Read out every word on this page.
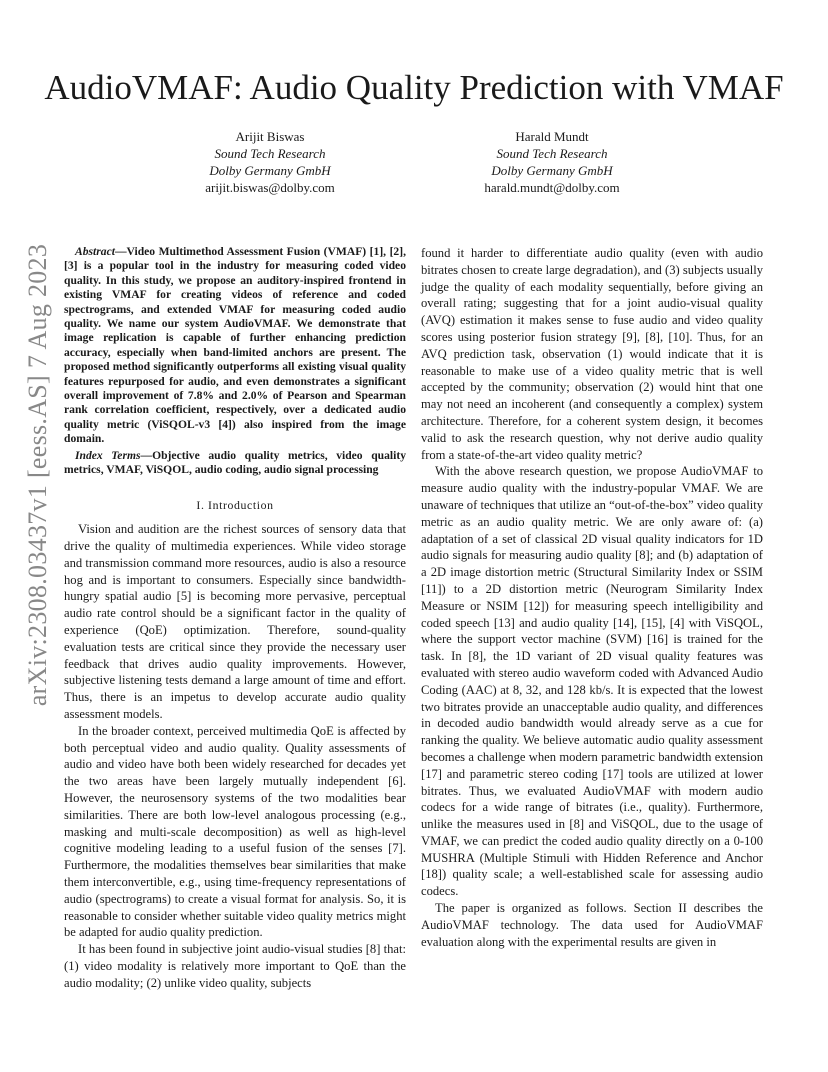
arXiv:2308.03437v1 [eess.AS] 7 Aug 2023
AudioVMAF: Audio Quality Prediction with VMAF
Arijit Biswas
Sound Tech Research
Dolby Germany GmbH
arijit.biswas@dolby.com
Harald Mundt
Sound Tech Research
Dolby Germany GmbH
harald.mundt@dolby.com

Abstract—Video Multimethod Assessment Fusion (VMAF) [1], [2], [3] is a popular tool in the industry for measuring coded video quality. In this study, we propose an auditory-inspired frontend in existing VMAF for creating videos of reference and coded spectrograms, and extended VMAF for measuring coded audio quality. We name our system AudioVMAF. We demonstrate that image replication is capable of further enhancing prediction accuracy, especially when band-limited anchors are present. The proposed method significantly outperforms all existing visual quality features repurposed for audio, and even demonstrates a significant overall improvement of 7.8% and 2.0% of Pearson and Spearman rank correlation coefficient, respectively, over a dedicated audio quality metric (ViSQOL-v3 [4]) also inspired from the image domain.

Index Terms—Objective audio quality metrics, video quality metrics, VMAF, ViSQOL, audio coding, audio signal processing

I. Introduction

Vision and audition are the richest sources of sensory data that drive the quality of multimedia experiences. While video storage and transmission command more resources, audio is also a resource hog and is important to consumers. Especially since bandwidth-hungry spatial audio [5] is becoming more pervasive, perceptual audio rate control should be a significant factor in the quality of experience (QoE) optimization. Therefore, sound-quality evaluation tests are critical since they provide the necessary user feedback that drives audio quality improvements. However, subjective listening tests demand a large amount of time and effort. Thus, there is an impetus to develop accurate audio quality assessment models.

In the broader context, perceived multimedia QoE is affected by both perceptual video and audio quality. Quality assessments of audio and video have both been widely researched for decades yet the two areas have been largely mutually independent [6]. However, the neurosensory systems of the two modalities bear similarities. There are both low-level analogous processing (e.g., masking and multi-scale decomposition) as well as high-level cognitive modeling leading to a useful fusion of the senses [7]. Furthermore, the modalities themselves bear similarities that make them interconvertible, e.g., using time-frequency representations of audio (spectrograms) to create a visual format for analysis. So, it is reasonable to consider whether suitable video quality metrics might be adapted for audio quality prediction.

It has been found in subjective joint audio-visual studies [8] that: (1) video modality is relatively more important to QoE than the audio modality; (2) unlike video quality, subjects

found it harder to differentiate audio quality (even with audio bitrates chosen to create large degradation), and (3) subjects usually judge the quality of each modality sequentially, before giving an overall rating; suggesting that for a joint audio-visual quality (AVQ) estimation it makes sense to fuse audio and video quality scores using posterior fusion strategy [9], [8], [10]. Thus, for an AVQ prediction task, observation (1) would indicate that it is reasonable to make use of a video quality metric that is well accepted by the community; observation (2) would hint that one may not need an incoherent (and consequently a complex) system architecture. Therefore, for a coherent system design, it becomes valid to ask the research question, why not derive audio quality from a state-of-the-art video quality metric?

With the above research question, we propose AudioVMAF to measure audio quality with the industry-popular VMAF. We are unaware of techniques that utilize an “out-of-the-box” video quality metric as an audio quality metric. We are only aware of: (a) adaptation of a set of classical 2D visual quality indicators for 1D audio signals for measuring audio quality [8]; and (b) adaptation of a 2D image distortion metric (Structural Similarity Index or SSIM [11]) to a 2D distortion metric (Neurogram Similarity Index Measure or NSIM [12]) for measuring speech intelligibility and coded speech [13] and audio quality [14], [15], [4] with ViSQOL, where the support vector machine (SVM) [16] is trained for the task. In [8], the 1D variant of 2D visual quality features was evaluated with stereo audio waveform coded with Advanced Audio Coding (AAC) at 8, 32, and 128 kb/s. It is expected that the lowest two bitrates provide an unacceptable audio quality, and differences in decoded audio bandwidth would already serve as a cue for ranking the quality. We believe automatic audio quality assessment becomes a challenge when modern parametric bandwidth extension [17] and parametric stereo coding [17] tools are utilized at lower bitrates. Thus, we evaluated AudioVMAF with modern audio codecs for a wide range of bitrates (i.e., quality). Furthermore, unlike the measures used in [8] and ViSQOL, due to the usage of VMAF, we can predict the coded audio quality directly on a 0-100 MUSHRA (Multiple Stimuli with Hidden Reference and Anchor [18]) quality scale; a well-established scale for assessing audio codecs.

The paper is organized as follows. Section II describes the AudioVMAF technology. The data used for AudioVMAF evaluation along with the experimental results are given in
